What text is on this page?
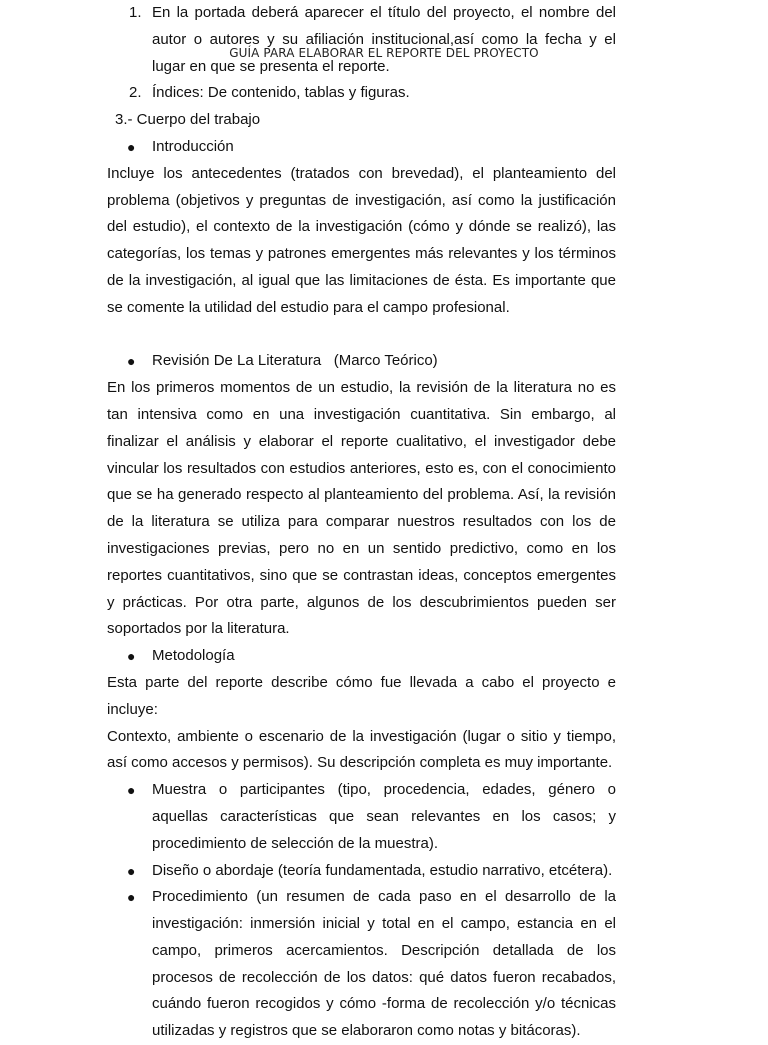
GUÍA PARA ELABORAR EL REPORTE DEL PROYECTO
1. En la portada deberá aparecer el título del proyecto, el nombre del autor o autores y su afiliación institucional,así como la fecha y el lugar en que se presenta el reporte.
2. Índices: De contenido, tablas y figuras.
3.- Cuerpo del trabajo
● Introducción

Incluye los antecedentes (tratados con brevedad), el planteamiento del problema (objetivos y preguntas de investigación, así como la justificación del estudio), el contexto de la investigación (cómo y dónde se realizó), las categorías, los temas y patrones emergentes más relevantes y los términos de la investigación, al igual que las limitaciones de ésta. Es importante que se comente la utilidad del estudio para el campo profesional.

● Revisión De La Literatura   (Marco Teórico)

En los primeros momentos de un estudio, la revisión de la literatura no es tan intensiva como en una investigación cuantitativa. Sin embargo, al finalizar el análisis y elaborar el reporte cualitativo, el investigador debe vincular los resultados con estudios anteriores, esto es, con el conocimiento que se ha generado respecto al planteamiento del problema. Así, la revisión de la literatura se utiliza para comparar nuestros resultados con los de investigaciones previas, pero no en un sentido predictivo, como en los reportes cuantitativos, sino que se contrastan ideas, conceptos emergentes y prácticas. Por otra parte, algunos de los descubrimientos pueden ser soportados por la literatura.

● Metodología

Esta parte del reporte describe cómo fue llevada a cabo el proyecto e incluye:

Contexto, ambiente o escenario de la investigación (lugar o sitio y tiempo, así como accesos y permisos). Su descripción completa es muy importante.

● Muestra o participantes (tipo, procedencia, edades, género o aquellas características que sean relevantes en los casos; y procedimiento de selección de la muestra).
● Diseño o abordaje (teoría fundamentada, estudio narrativo, etcétera).
● Procedimiento (un resumen de cada paso en el desarrollo de la investigación: inmersión inicial y total en el campo, estancia en el campo, primeros acercamientos. Descripción detallada de los procesos de recolección de los datos: qué datos fueron recabados, cuándo fueron recogidos y cómo -forma de recolección y/o técnicas utilizadas y registros que se elaboraron como notas y bitácoras).
